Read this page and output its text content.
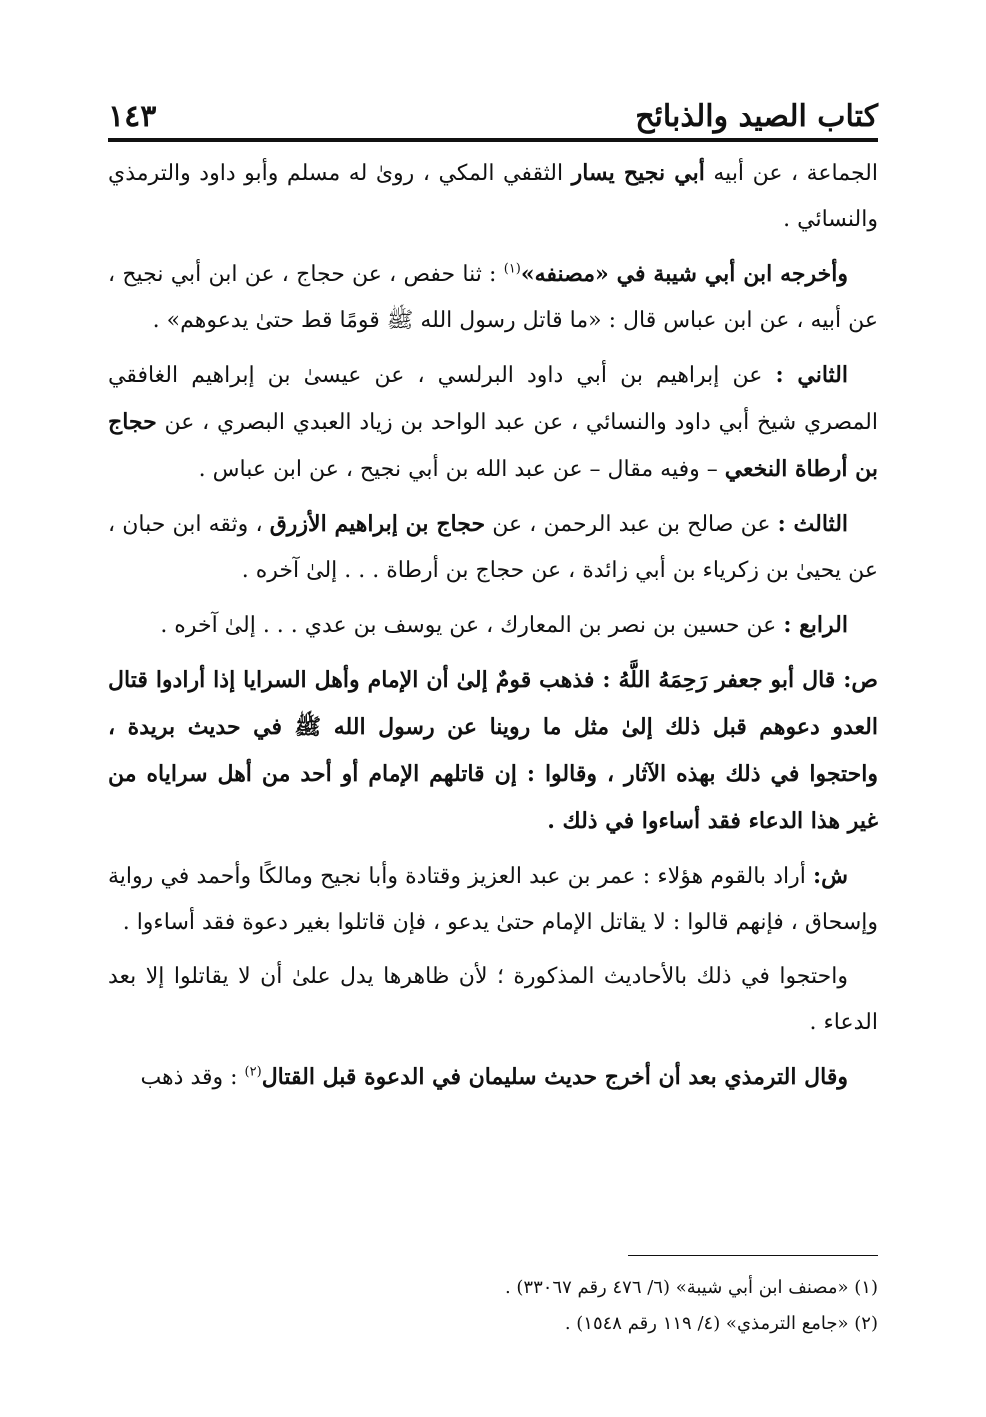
١٤٣	كتاب الصيد والذبائح

الجماعة ، عن أبيه أبي نجيح يسار الثقفي المكي ، روىٰ له مسلم وأبو داود والترمذي والنسائي .

وأخرجه ابن أبي شيبة في «مصنفه»$^{(١)}$ : ثنا حفص ، عن حجاج ، عن ابن أبي نجيح ، عن أبيه ، عن ابن عباس قال : «ما قاتل رسول الله ﷺ قومًا قط حتىٰ يدعوهم» .

الثاني : عن إبراهيم بن أبي داود البرلسي ، عن عيسىٰ بن إبراهيم الغافقي المصري شيخ أبي داود والنسائي ، عن عبد الواحد بن زياد العبدي البصري ، عن حجاج بن أرطاة النخعي – وفيه مقال – عن عبد الله بن أبي نجيح ، عن ابن عباس .

الثالث : عن صالح بن عبد الرحمن ، عن حجاج بن إبراهيم الأزرق ، وثقه ابن حبان ، عن يحيىٰ بن زكرياء بن أبي زائدة ، عن حجاج بن أرطاة . . . إلىٰ آخره .

الرابع : عن حسين بن نصر بن المعارك ، عن يوسف بن عدي . . . إلىٰ آخره .

ص: قال أبو جعفر رَحِمَهُ اللَّهُ : فذهب قومٌ إلىٰ أن الإمام وأهل السرايا إذا أرادوا قتال العدو دعوهم قبل ذلك إلىٰ مثل ما روينا عن رسول الله ﷺ في حديث بريدة ، واحتجوا في ذلك بهذه الآثار ، وقالوا : إن قاتلهم الإمام أو أحد من أهل سراياه من غير هذا الدعاء فقد أساءوا في ذلك .

ش: أراد بالقوم هؤلاء : عمر بن عبد العزيز وقتادة وأبا نجيح ومالكًا وأحمد في رواية وإسحاق ، فإنهم قالوا : لا يقاتل الإمام حتىٰ يدعو ، فإن قاتلوا بغير دعوة فقد أساءوا .

واحتجوا في ذلك بالأحاديث المذكورة ؛ لأن ظاهرها يدل علىٰ أن لا يقاتلوا إلا بعد الدعاء .

وقال الترمذي بعد أن أخرج حديث سليمان في الدعوة قبل القتال$^{(٢)}$ : وقد ذهب

(١) «مصنف ابن أبي شيبة» (٦/ ٤٧٦ رقم ٣٣٠٦٧) .

(٢) «جامع الترمذي» (٤/ ١١٩ رقم ١٥٤٨) .
